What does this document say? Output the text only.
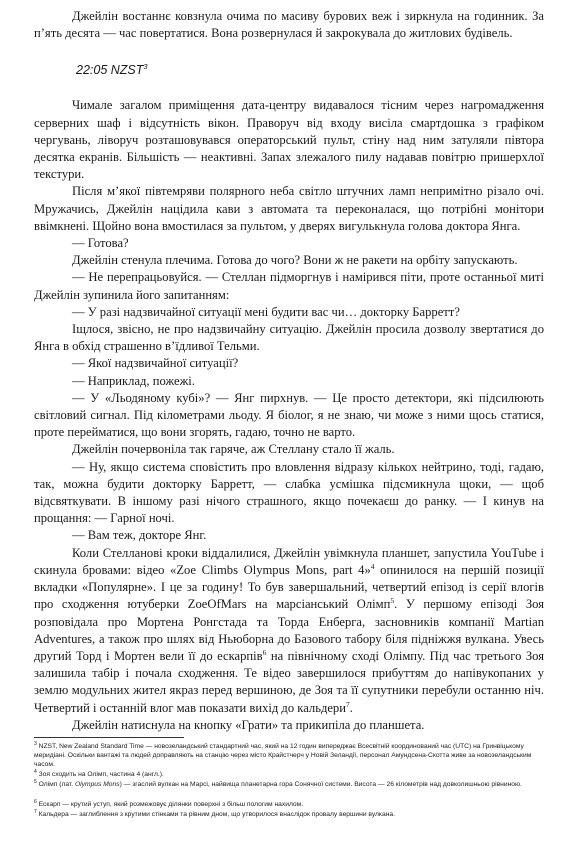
Джейлін востаннє ковзнула очима по масиву бурових веж і зиркнула на годинник. За п’ять десята — час повертатися. Вона розвернулася й закрокувала до житлових будівель.

22:05 NZST$^3$

Чимале загалом приміщення дата-центру видавалося тісним через нагромадження серверних шаф і відсутність вікон. Праворуч від входу висіла смартдошка з графіком чергувань, ліворуч розташовувався операторський пульт, стіну над ним затуляли півтора десятка екранів. Більшість — неактивні. Запах злежалого пилу надавав повітрю пришерхлої текстури.

Після м’якої півтемряви полярного неба світло штучних ламп непримітно різало очі. Мружачись, Джейлін націдила кави з автомата та переконалася, що потрібні монітори ввімкнені. Щойно вона вмостилася за пультом, у дверях вигулькнула голова доктора Янга.

— Готова?

Джейлін стенула плечима. Готова до чого? Вони ж не ракети на орбіту запускають.

— Не перепрацьовуйся. — Стеллан підморгнув і намірився піти, проте останньої миті Джейлін зупинила його запитанням:

— У разі надзвичайної ситуації мені будити вас чи… докторку Барретт?

Іщлося, звісно, не про надзвичайну ситуацію. Джейлін просила дозволу звертатися до Янга в обхід страшенно в’їдливої Тельми.

— Якої надзвичайної ситуації?

— Наприклад, пожежі.

— У «Льодяному кубі»? — Янг пирхнув. — Це просто детектори, які підсилюють світловий сигнал. Під кілометрами льоду. Я біолог, я не знаю, чи може з ними щось статися, проте перейматися, що вони згорять, гадаю, точно не варто.

Джейлін почервоніла так гаряче, аж Стеллану стало її жаль.

— Ну, якщо система сповістить про вловлення відразу кількох нейтрино, тоді, гадаю, так, можна будити докторку Барретт, — слабка усмішка підсмикнула щоки, — щоб відсвяткувати. В іншому разі нічого страшного, якщо почекаєш до ранку. — І кинув на прощання: — Гарної ночі.

— Вам теж, докторе Янг.

Коли Стелланові кроки віддалилися, Джейлін увімкнула планшет, запустила YouTube і скинула бровами: відео «Zoe Climbs Olympus Mons, part 4»$^4$ опинилося на першій позиції вкладки «Популярне». І це за годину! То був завершальний, четвертий епізод із серії влогів про сходження ютуберки ZoeOfMars на марсіанський Олімп$^5$. У першому епізоді Зоя розповідала про Мортена Ронгстада та Торда Енберга, засновників компанії Martian Adventures, а також про шлях від Ньюборна до Базового табору біля підніжжя вулкана. Увесь другий Торд і Мортен вели її до ескарпів$^6$ на північному сході Олімпу. Під час третього Зоя залишила табір і почала сходження. Те відео завершилося прибуттям до напівукопаних у землю модульних жител якраз перед вершиною, де Зоя та її супутники перебули останню ніч. Четвертий і останній влог мав показати вихід до кальдери$^7$.

Джейлін натиснула на кнопку «Грати» та прикипіла до планшета.

$^3$ NZST, New Zealand Standard Time — новозеландський стандартний час, який на 12 годин випереджає Всесвітній координований час (UTC) на Гринвіцькому меридіані. Оскільки вантажі та людей доправляють на станцію через місто Крайстчерч у Новій Зеландії, персонал Амундсена-Скотта живе за новозеландським часом.

$^4$ Зоя сходить на Олімп, частина 4 (англ.).

$^5$ Олімп (лат. Olympus Mons) — згаслий вулкан на Марсі, найвища планетарна гора Сонячної системи. Висота — 26 кілометрів над довколишньою рівниною.

$^6$ Ескарп — крутий уступ, який розмежовує ділянки поверхні з більш пологим нахилом.

$^7$ Кальдера — заглиблення з крутими стінками та рівним дном, що утворилося внаслідок провалу вершини вулкана.
